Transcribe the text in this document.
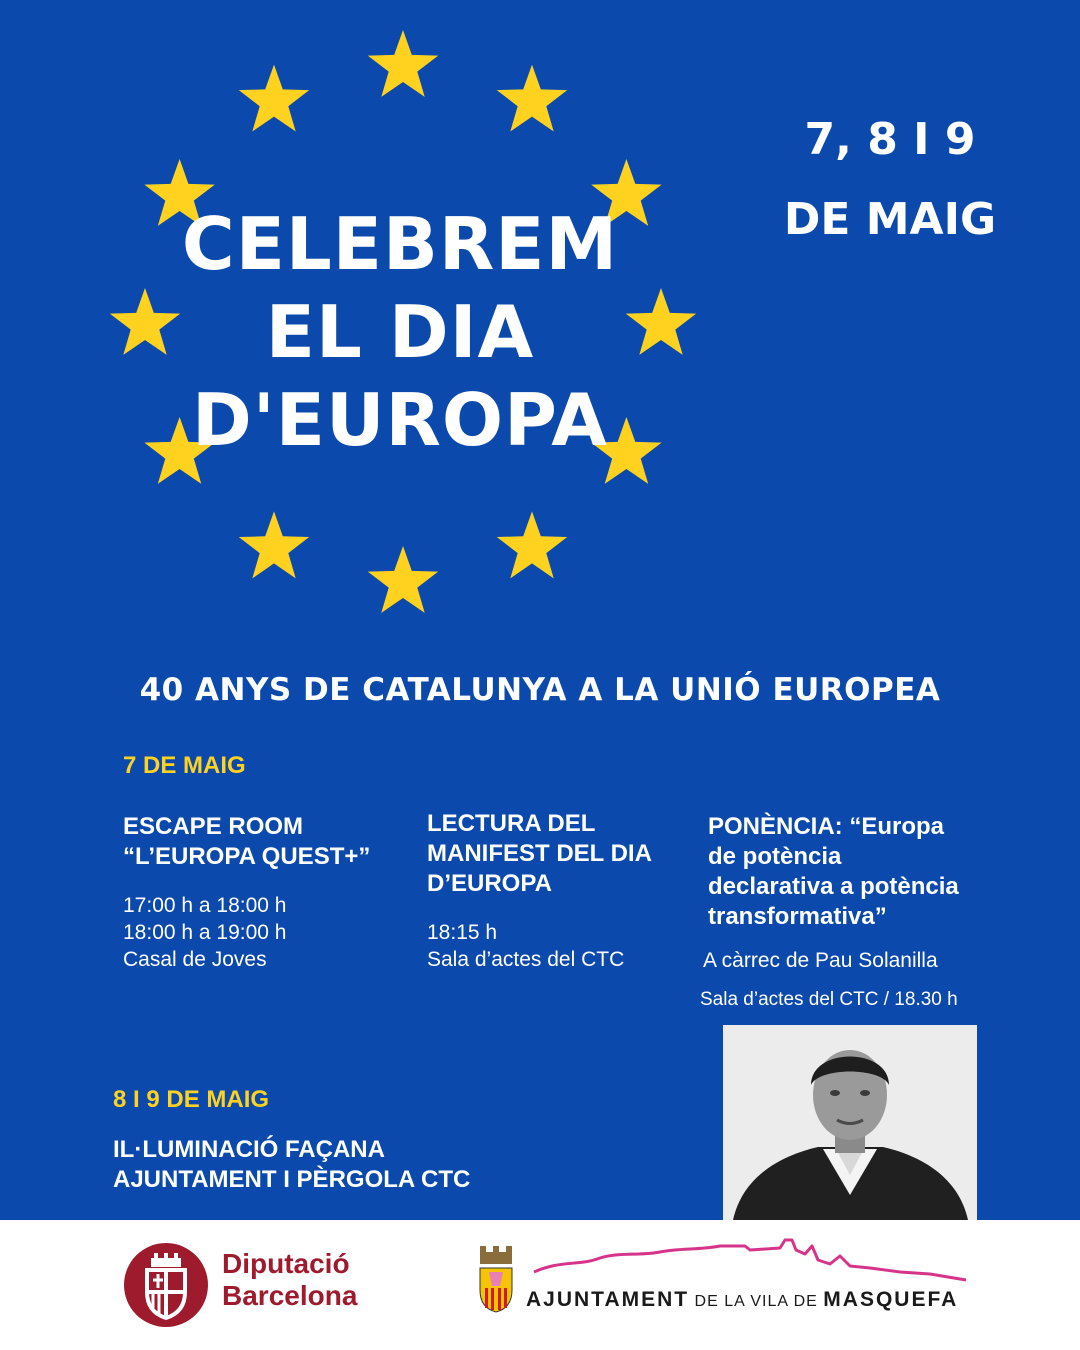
CELEBREM
EL DIA
D'EUROPA
7, 8 I 9
DE MAIG
40 ANYS DE CATALUNYA A LA UNIÓ EUROPEA
7 DE MAIG
ESCAPE ROOM
“L’EUROPA QUEST+”
17:00 h a 18:00 h
18:00 h a 19:00 h
Casal de Joves
LECTURA DEL
MANIFEST DEL DIA
D’EUROPA
18:15 h
Sala d’actes del CTC
PONÈNCIA: “Europa
de potència
declarativa a potència
transformativa”
A càrrec de Pau Solanilla
Sala d’actes del CTC / 18.30 h
8 I 9 DE MAIG
IL·LUMINACIÓ FAÇANA
AJUNTAMENT I PÈRGOLA CTC
Diputació
Barcelona	AJUNTAMENT DE LA VILA DE MASQUEFA
